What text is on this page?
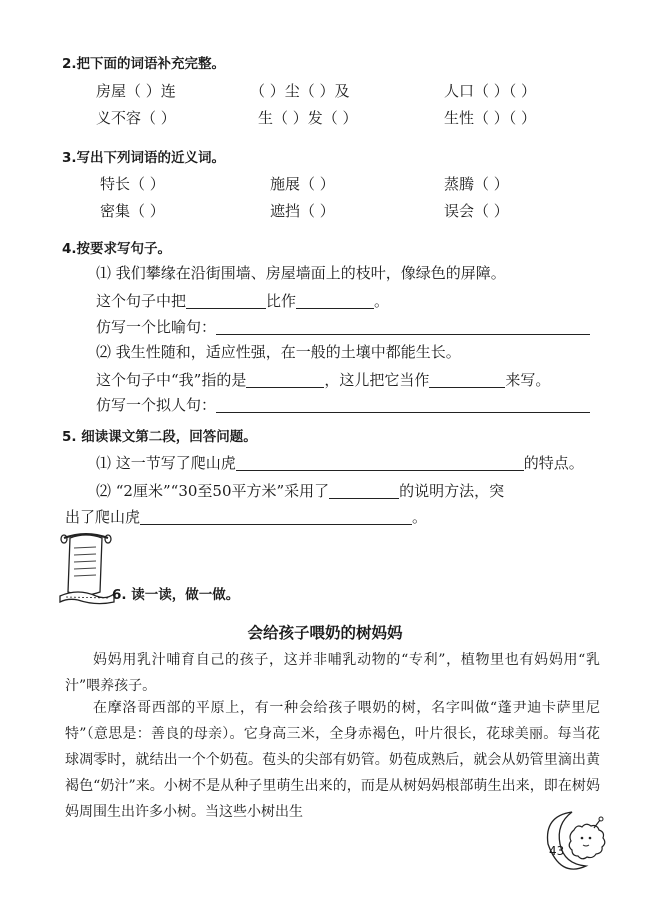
2.把下面的词语补充完整。
房屋（ ）连	（ ）尘（ ）及	人口（ ）（ ）
义不容（ ）	生（ ）发（ ）	生性（ ）（ ）
3.写出下列词语的近义词。
特长（ ）	施展（ ）	蒸腾（ ）
密集（ ）	遮挡（ ）	误会（ ）
4.按要求写句子。
⑴ 我们攀缘在沿街围墙、房屋墙面上的枝叶，像绿色的屏障。
这个句子中把	比作	。
仿写一个比喻句：
⑵ 我生性随和，适应性强，在一般的土壤中都能生长。
这个句子中“我”指的是	，这儿把它当作	来写。
仿写一个拟人句：
5. 细读课文第二段，回答问题。
⑴ 这一节写了爬山虎	的特点。
⑵ “2厘米”“30至50平方米”采用了	的说明方法，突
出了爬山虎	。
6. 读一读，做一做。
会给孩子喂奶的树妈妈
妈妈用乳汁哺育自己的孩子，这并非哺乳动物的“专利”，植物里也有妈妈用“乳汁”喂养孩子。
在摩洛哥西部的平原上，有一种会给孩子喂奶的树，名字叫做“蓬尹迪卡萨里尼特”（意思是：善良的母亲）。它身高三米，全身赤褐色，叶片很长，花球美丽。每当花球凋零时，就结出一个个奶苞。苞头的尖部有奶管。奶苞成熟后，就会从奶管里滴出黄褐色“奶汁”来。小树不是从种子里萌生出来的，而是从树妈妈根部萌生出来，即在树妈妈周围生出许多小树。当这些小树出生
43
